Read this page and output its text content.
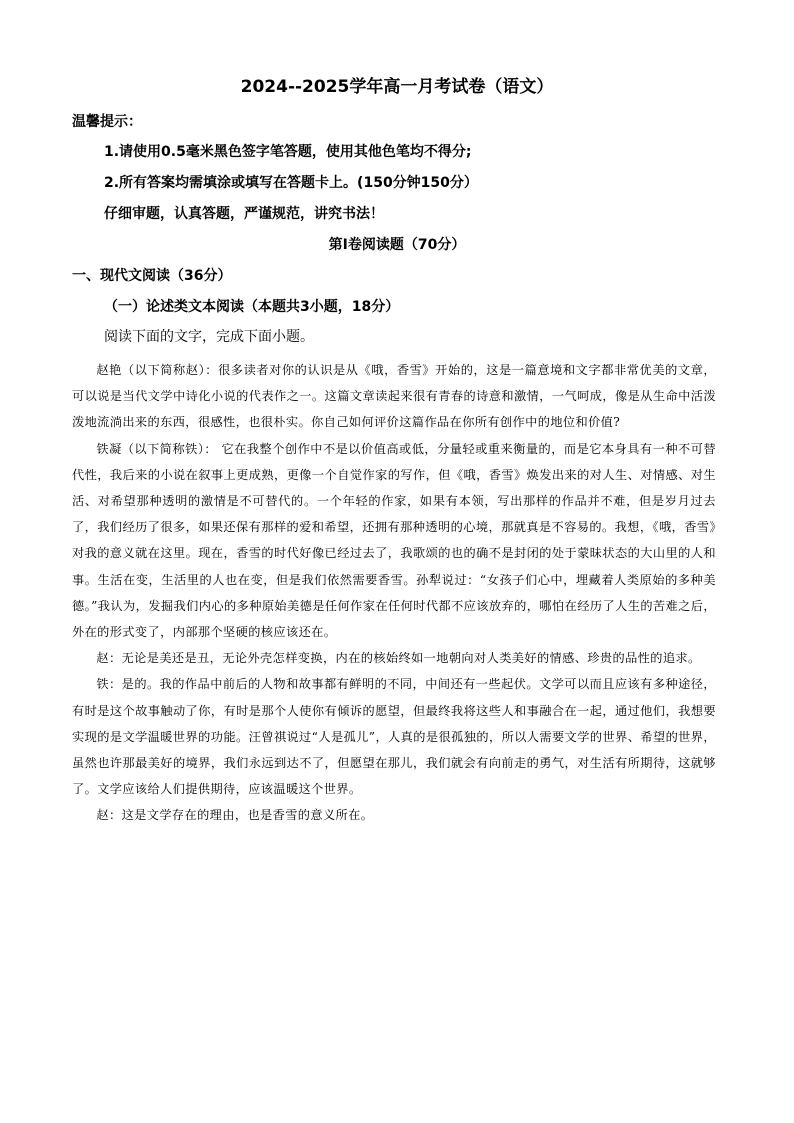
2024--2025学年高一月考试卷（语文）
温馨提示：
1.请使用0.5毫米黑色签字笔答题，使用其他色笔均不得分;
2.所有答案均需填涂或填写在答题卡上。(150分钟150分）
仔细审题，认真答题，严谨规范，讲究书法！
第Ⅰ卷阅读题（70分）
一、现代文阅读（36分）
（一）论述类文本阅读（本题共3小题，18分）
阅读下面的文字，完成下面小题。

赵艳（以下简称赵）：很多读者对你的认识是从《哦，香雪》开始的，这是一篇意境和文字都非常优美的文章，可以说是当代文学中诗化小说的代表作之一。这篇文章读起来很有青春的诗意和激情，一气呵成，像是从生命中活泼泼地流淌出来的东西，很感性，也很朴实。你自己如何评价这篇作品在你所有创作中的地位和价值?

铁凝（以下简称铁）： 它在我整个创作中不是以价值高或低，分量轻或重来衡量的，而是它本身具有一种不可替代性，我后来的小说在叙事上更成熟，更像一个自觉作家的写作，但《哦，香雪》焕发出来的对人生、对情感、对生活、对希望那种透明的激情是不可替代的。一个年轻的作家，如果有本领，写出那样的作品并不难，但是岁月过去了，我们经历了很多，如果还保有那样的爱和希望，还拥有那种透明的心境，那就真是不容易的。我想，《哦，香雪》对我的意义就在这里。现在，香雪的时代好像已经过去了，我歌颂的也的确不是封闭的处于蒙昧状态的大山里的人和事。生活在变，生活里的人也在变，但是我们依然需要香雪。孙犁说过：“女孩子们心中，埋藏着人类原始的多种美德。”我认为，发掘我们内心的多种原始美德是任何作家在任何时代都不应该放弃的，哪怕在经历了人生的苦难之后，外在的形式变了，内部那个坚硬的核应该还在。

赵：无论是美还是丑，无论外壳怎样变换，内在的核始终如一地朝向对人类美好的情感、珍贵的品性的追求。

铁：是的。我的作品中前后的人物和故事都有鲜明的不同，中间还有一些起伏。文学可以而且应该有多种途径，有时是这个故事触动了你，有时是那个人使你有倾诉的愿望，但最终我将这些人和事融合在一起，通过他们，我想要实现的是文学温暖世界的功能。汪曾祺说过“人是孤儿”，人真的是很孤独的，所以人需要文学的世界、希望的世界，虽然也许那最美好的境界，我们永远到达不了，但愿望在那儿，我们就会有向前走的勇气，对生活有所期待，这就够了。文学应该给人们提供期待，应该温暖这个世界。

赵：这是文学存在的理由，也是香雪的意义所在。
